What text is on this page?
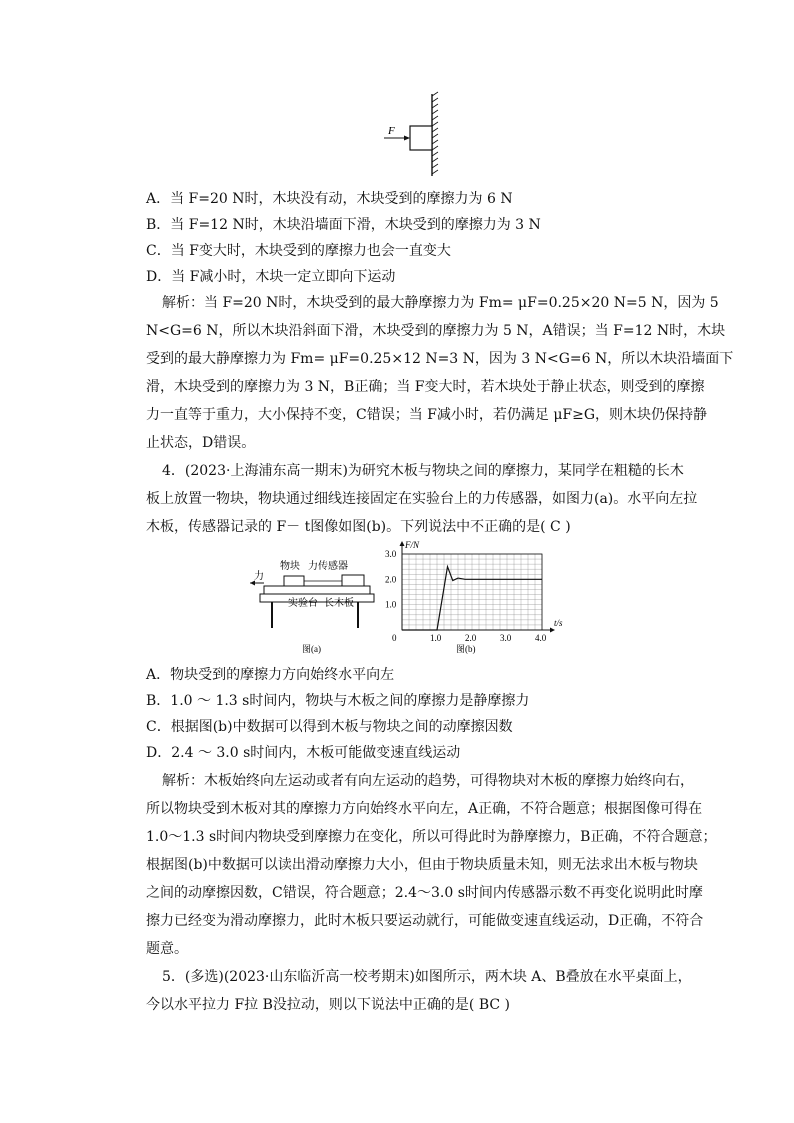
F
A．当 F=20 N时，木块没有动，木块受到的摩擦力为 6 N
B．当 F=12 N时，木块沿墙面下滑，木块受到的摩擦力为 3 N
C．当 F变大时，木块受到的摩擦力也会一直变大
D．当 F减小时，木块一定立即向下运动
解析：当 F=20 N时，木块受到的最大静摩擦力为 Fm= μF=0.25×20 N=5 N，因为 5
N<G=6 N，所以木块沿斜面下滑，木块受到的摩擦力为 5 N，A错误；当 F=12 N时，木块
受到的最大静摩擦力为 Fm= μF=0.25×12 N=3 N，因为 3 N<G=6 N，所以木块沿墙面下
滑，木块受到的摩擦力为 3 N，B正确；当 F变大时，若木块处于静止状态，则受到的摩擦
力一直等于重力，大小保持不变，C错误；当 F减小时，若仍满足 μF≥G，则木块仍保持静
止状态，D错误。
4．(2023·上海浦东高一期末)为研究木板与物块之间的摩擦力，某同学在粗糙的长木
板上放置一物块，物块通过细线连接固定在实验台上的力传感器，如图力(a)。水平向左拉
木板，传感器记录的 F－ t图像如图(b)。下列说法中不正确的是( C )
物块 力传感器
力
实验台 长木板
图(a)
0	1.0	2.0	3.0	4.0
1.0
2.0
3.0
F/N
t/s
图(b)
A．物块受到的摩擦力方向始终水平向左
B．1.0 ～ 1.3 s时间内，物块与木板之间的摩擦力是静摩擦力
C．根据图(b)中数据可以得到木板与物块之间的动摩擦因数
D．2.4 ～ 3.0 s时间内，木板可能做变速直线运动
解析：木板始终向左运动或者有向左运动的趋势，可得物块对木板的摩擦力始终向右，
所以物块受到木板对其的摩擦力方向始终水平向左，A正确，不符合题意；根据图像可得在
1.0～1.3 s时间内物块受到摩擦力在变化，所以可得此时为静摩擦力，B正确，不符合题意；
根据图(b)中数据可以读出滑动摩擦力大小，但由于物块质量未知，则无法求出木板与物块
之间的动摩擦因数，C错误，符合题意；2.4～3.0 s时间内传感器示数不再变化说明此时摩
擦力已经变为滑动摩擦力，此时木板只要运动就行，可能做变速直线运动，D正确，不符合
题意。
5．(多选)(2023·山东临沂高一校考期末)如图所示，两木块 A、B叠放在水平桌面上，
今以水平拉力 F拉 B没拉动，则以下说法中正确的是( BC )
